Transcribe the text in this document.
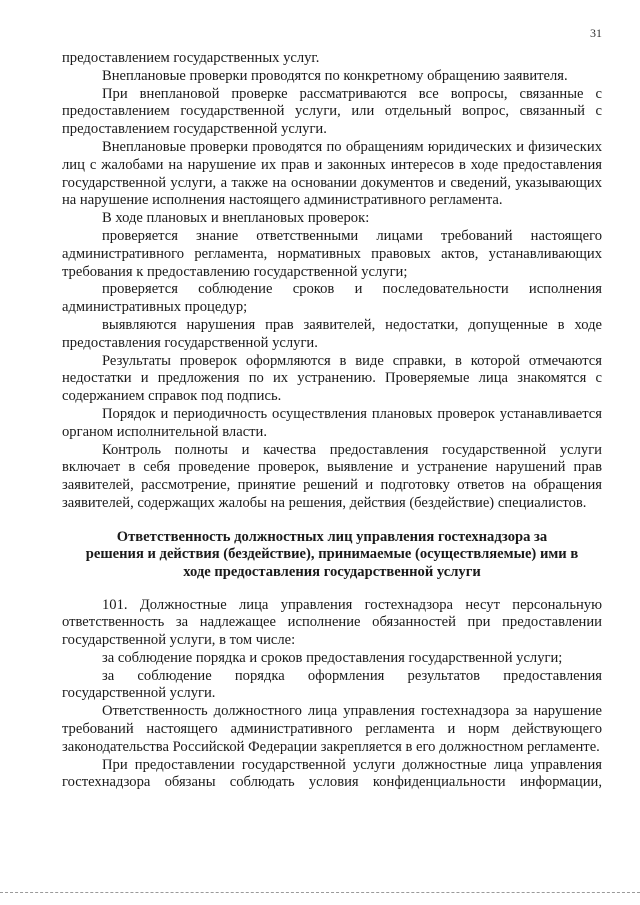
31

предоставлением государственных услуг.

Внеплановые проверки проводятся по конкретному обращению заявителя.

При внеплановой проверке рассматриваются все вопросы, связанные с предоставлением государственной услуги, или отдельный вопрос, связанный с предоставлением государственной услуги.

Внеплановые проверки проводятся по обращениям юридических и физических лиц с жалобами на нарушение их прав и законных интересов в ходе предоставления государственной услуги, а также на основании документов и сведений, указывающих на нарушение исполнения настоящего административного регламента.

В ходе плановых и внеплановых проверок:

проверяется знание ответственными лицами требований настоящего административного регламента, нормативных правовых актов, устанавливающих требования к предоставлению государственной услуги;

проверяется соблюдение сроков и последовательности исполнения административных процедур;

выявляются нарушения прав заявителей, недостатки, допущенные в ходе предоставления государственной услуги.

Результаты проверок оформляются в виде справки, в которой отмечаются недостатки и предложения по их устранению. Проверяемые лица знакомятся с содержанием справок под подпись.

Порядок и периодичность осуществления плановых проверок устанавливается органом исполнительной власти.

Контроль полноты и качества предоставления государственной услуги включает в себя проведение проверок, выявление и устранение нарушений прав заявителей, рассмотрение, принятие решений и подготовку ответов на обращения заявителей, содержащих жалобы на решения, действия (бездействие) специалистов.

Ответственность должностных лиц управления гостехнадзора за
решения и действия (бездействие), принимаемые (осуществляемые) ими в
ходе предоставления государственной услуги

101. Должностные лица управления гостехнадзора несут персональную ответственность за надлежащее исполнение обязанностей при предоставлении государственной услуги, в том числе:

за соблюдение порядка и сроков предоставления государственной услуги;

за соблюдение порядка оформления результатов предоставления государственной услуги.

Ответственность должностного лица управления гостехнадзора за нарушение требований настоящего административного регламента и норм действующего законодательства Российской Федерации закрепляется в его должностном регламенте.

При предоставлении государственной услуги должностные лица управления гостехнадзора обязаны соблюдать условия конфиденциальности информации,
